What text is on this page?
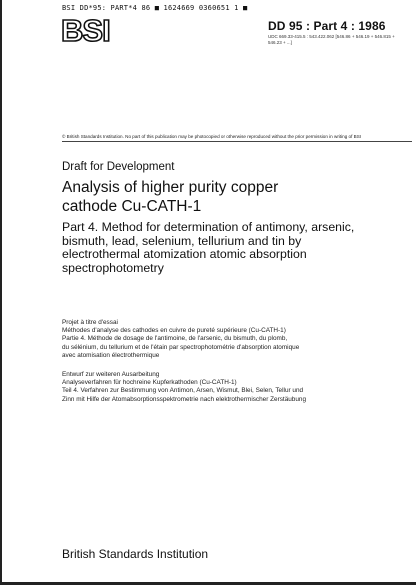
BSI DD*95: PART*4 86 ■ 1624669 0360651 1 ■
BSI	DD 95 : Part 4 : 1986
UDC 669.33-415.5 : 543.422.062 [546.86 + 546.19 + 546.815 + 546.23 + ...]
© British Standards Institution. No part of this publication may be photocopied or otherwise reproduced without the prior permission in writing of BSI
Draft for Development
Analysis of higher purity copper
cathode Cu-CATH-1
Part 4. Method for determination of antimony, arsenic,
bismuth, lead, selenium, tellurium and tin by
electrothermal atomization atomic absorption
spectrophotometry
Projet à titre d'essai
Méthodes d'analyse des cathodes en cuivre de pureté supérieure (Cu-CATH-1)
Partie 4. Méthode de dosage de l'antimoine, de l'arsenic, du bismuth, du plomb,
du sélénium, du tellurium et de l'étain par spectrophotométrie d'absorption atomique
avec atomisation électrothermique
Entwurf zur weiteren Ausarbeitung
Analyseverfahren für hochreine Kupferkathoden (Cu-CATH-1)
Teil 4. Verfahren zur Bestimmung von Antimon, Arsen, Wismut, Blei, Selen, Tellur und
Zinn mit Hilfe der Atomabsorptionsspektrometrie nach elektrothermischer Zerstäubung
British Standards Institution
